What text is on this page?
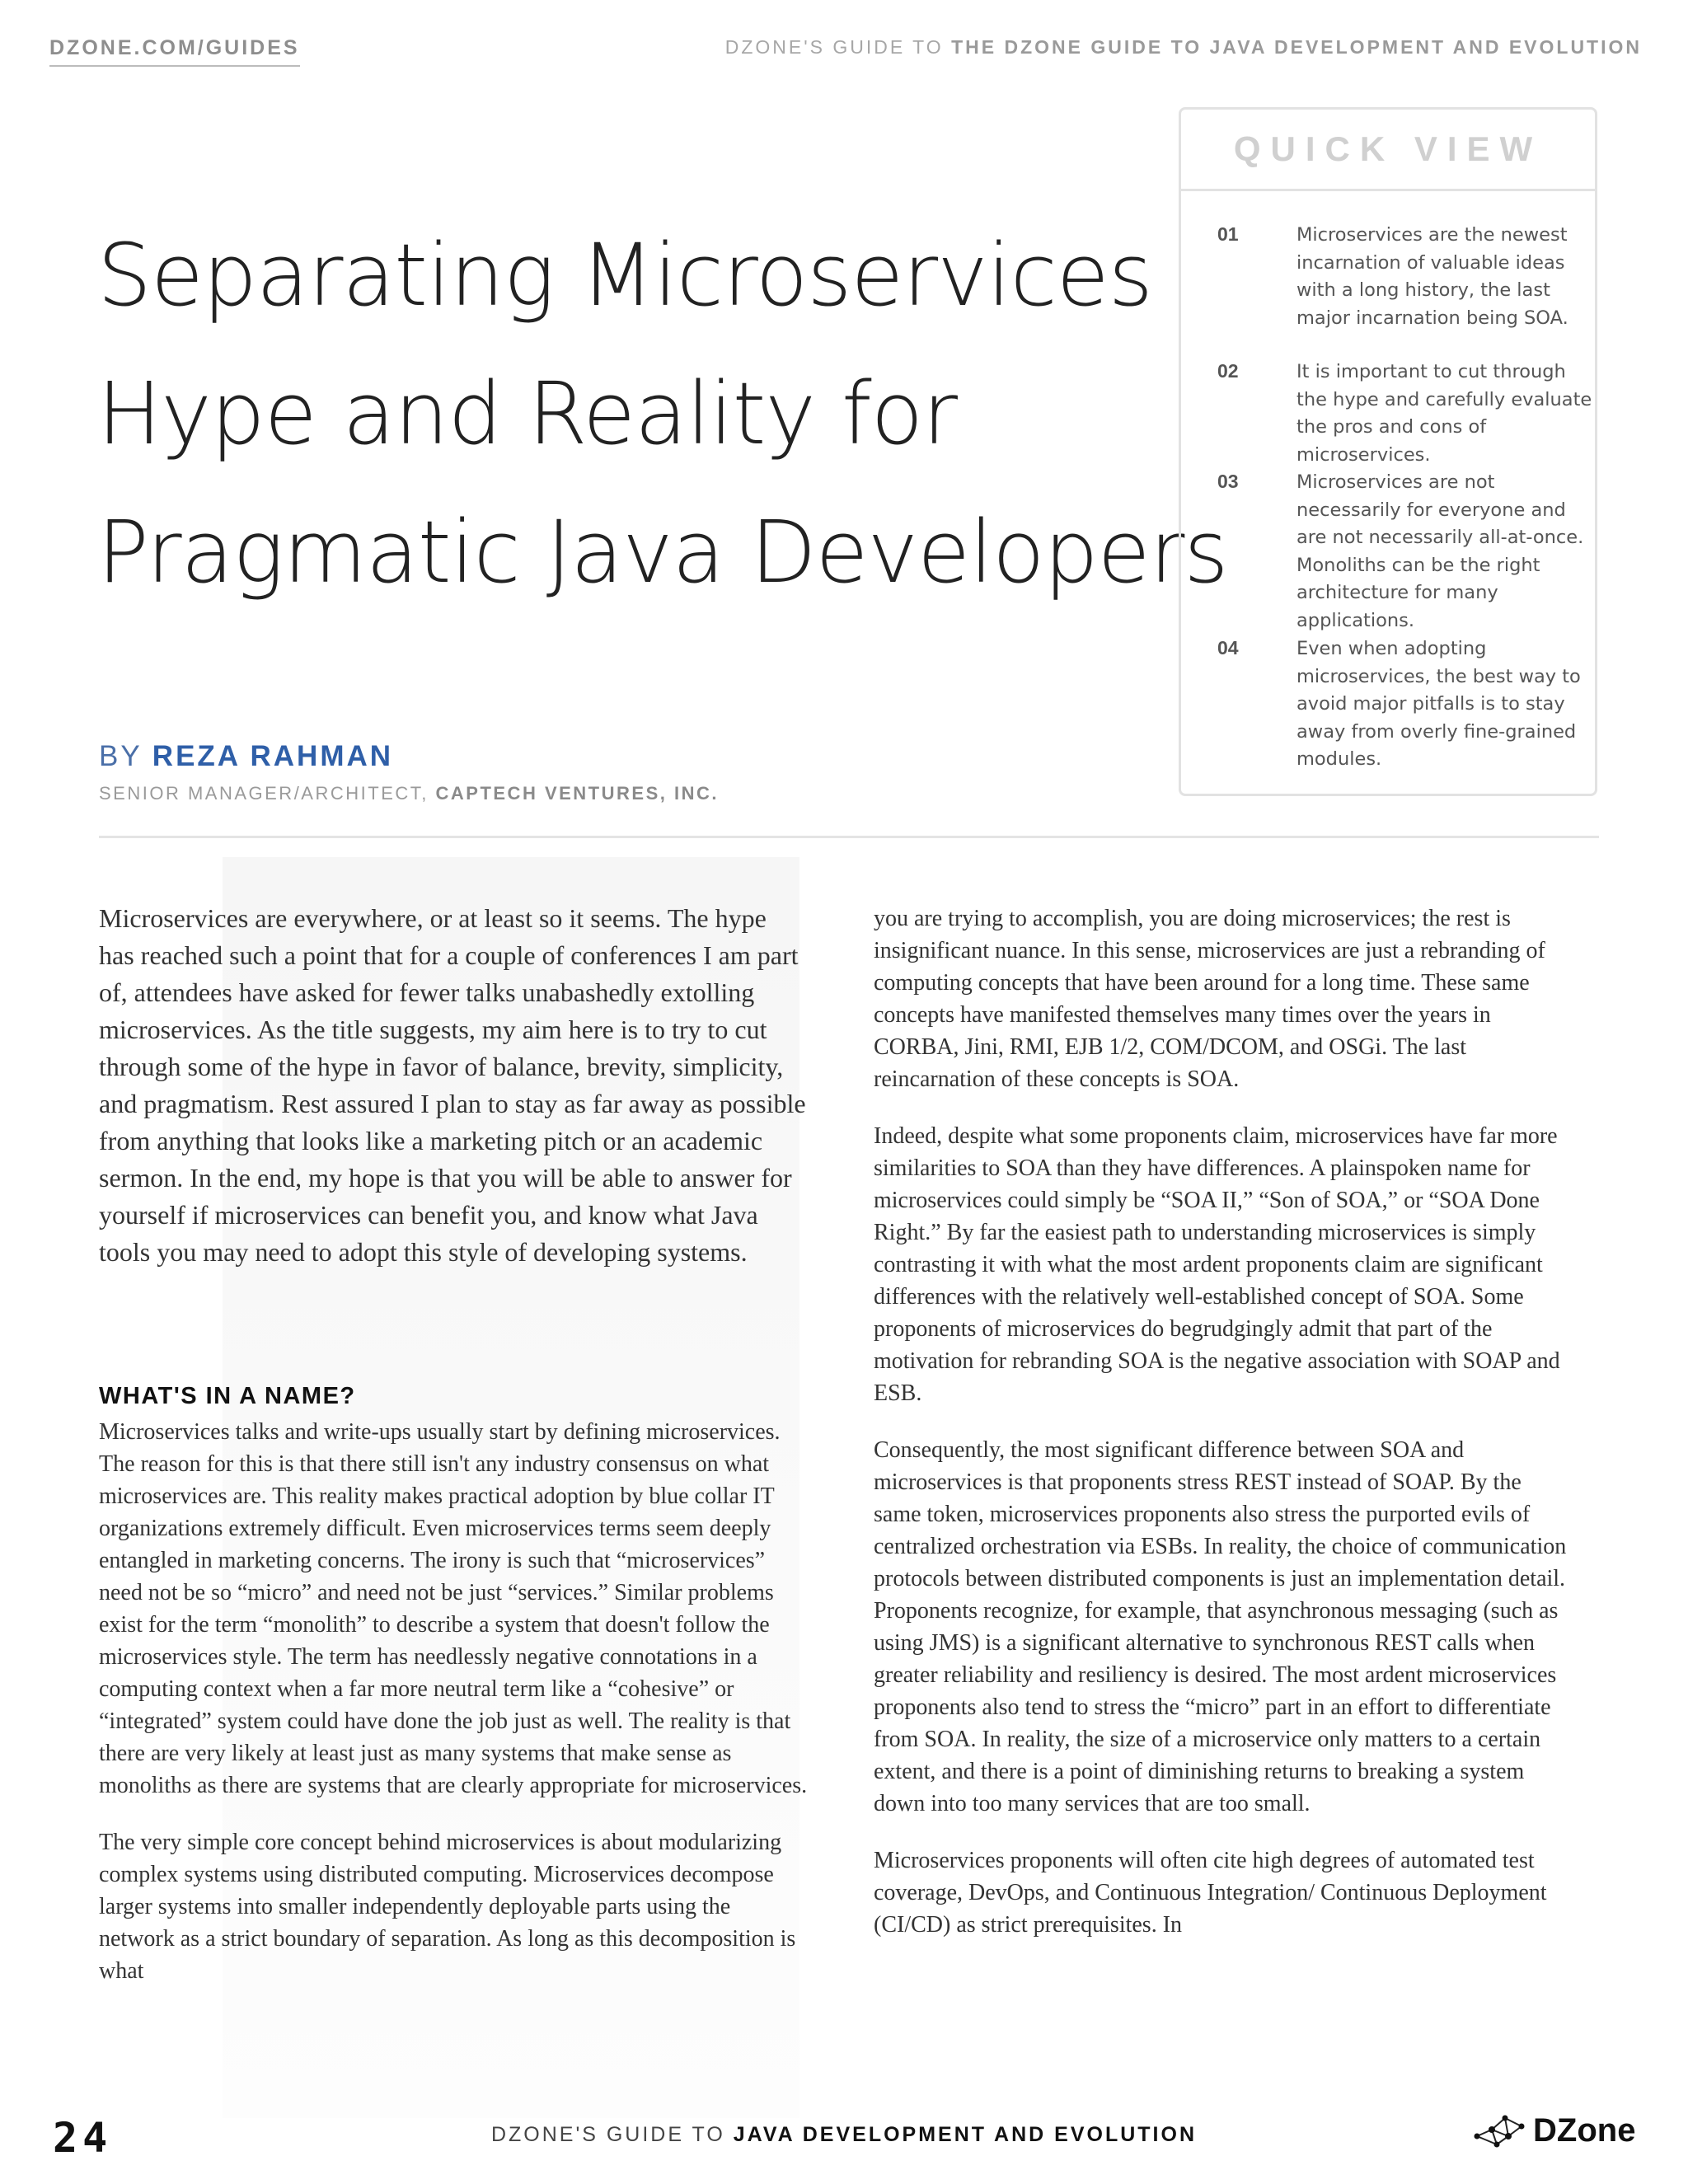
DZONE.COM/GUIDES	DZONE'S GUIDE TO THE DZONE GUIDE TO JAVA DEVELOPMENT AND EVOLUTION
Separating Microservices
Hype and Reality for
Pragmatic Java Developers
BY REZA RAHMAN
SENIOR MANAGER/ARCHITECT, CAPTECH VENTURES, INC.
QUICK VIEW
01	Microservices are the newest incarnation of valuable ideas with a long history, the last major incarnation being SOA.
02	It is important to cut through the hype and carefully evaluate the pros and cons of microservices.
03	Microservices are not necessarily for everyone and are not necessarily all-at-once. Monoliths can be the right architecture for many applications.
04	Even when adopting microservices, the best way to avoid major pitfalls is to stay away from overly fine-grained modules.

Microservices are everywhere, or at least so it seems. The hype has reached such a point that for a couple of conferences I am part of, attendees have asked for fewer talks unabashedly extolling microservices. As the title suggests, my aim here is to try to cut through some of the hype in favor of balance, brevity, simplicity, and pragmatism. Rest assured I plan to stay as far away as possible from anything that looks like a marketing pitch or an academic sermon. In the end, my hope is that you will be able to answer for yourself if microservices can benefit you, and know what Java tools you may need to adopt this style of developing systems.

WHAT'S IN A NAME?

Microservices talks and write-ups usually start by defining microservices. The reason for this is that there still isn't any industry consensus on what microservices are. This reality makes practical adoption by blue collar IT organizations extremely difficult. Even microservices terms seem deeply entangled in marketing concerns. The irony is such that “microservices” need not be so “micro” and need not be just “services.” Similar problems exist for the term “monolith” to describe a system that doesn't follow the microservices style. The term has needlessly negative connotations in a computing context when a far more neutral term like a “cohesive” or “integrated” system could have done the job just as well. The reality is that there are very likely at least just as many systems that make sense as monoliths as there are systems that are clearly appropriate for microservices.

The very simple core concept behind microservices is about modularizing complex systems using distributed computing. Microservices decompose larger systems into smaller independently deployable parts using the network as a strict boundary of separation. As long as this decomposition is what

you are trying to accomplish, you are doing microservices; the rest is insignificant nuance. In this sense, microservices are just a rebranding of computing concepts that have been around for a long time. These same concepts have manifested themselves many times over the years in CORBA, Jini, RMI, EJB 1/2, COM/DCOM, and OSGi. The last reincarnation of these concepts is SOA.

Indeed, despite what some proponents claim, microservices have far more similarities to SOA than they have differences. A plainspoken name for microservices could simply be “SOA II,” “Son of SOA,” or “SOA Done Right.” By far the easiest path to understanding microservices is simply contrasting it with what the most ardent proponents claim are significant differences with the relatively well-established concept of SOA. Some proponents of microservices do begrudgingly admit that part of the motivation for rebranding SOA is the negative association with SOAP and ESB.

Consequently, the most significant difference between SOA and microservices is that proponents stress REST instead of SOAP. By the same token, microservices proponents also stress the purported evils of centralized orchestration via ESBs. In reality, the choice of communication protocols between distributed components is just an implementation detail. Proponents recognize, for example, that asynchronous messaging (such as using JMS) is a significant alternative to synchronous REST calls when greater reliability and resiliency is desired. The most ardent microservices proponents also tend to stress the “micro” part in an effort to differentiate from SOA. In reality, the size of a microservice only matters to a certain extent, and there is a point of diminishing returns to breaking a system down into too many services that are too small.

Microservices proponents will often cite high degrees of automated test coverage, DevOps, and Continuous Integration/ Continuous Deployment (CI/CD) as strict prerequisites. In

24	DZONE'S GUIDE TO JAVA DEVELOPMENT AND EVOLUTION	DZone
